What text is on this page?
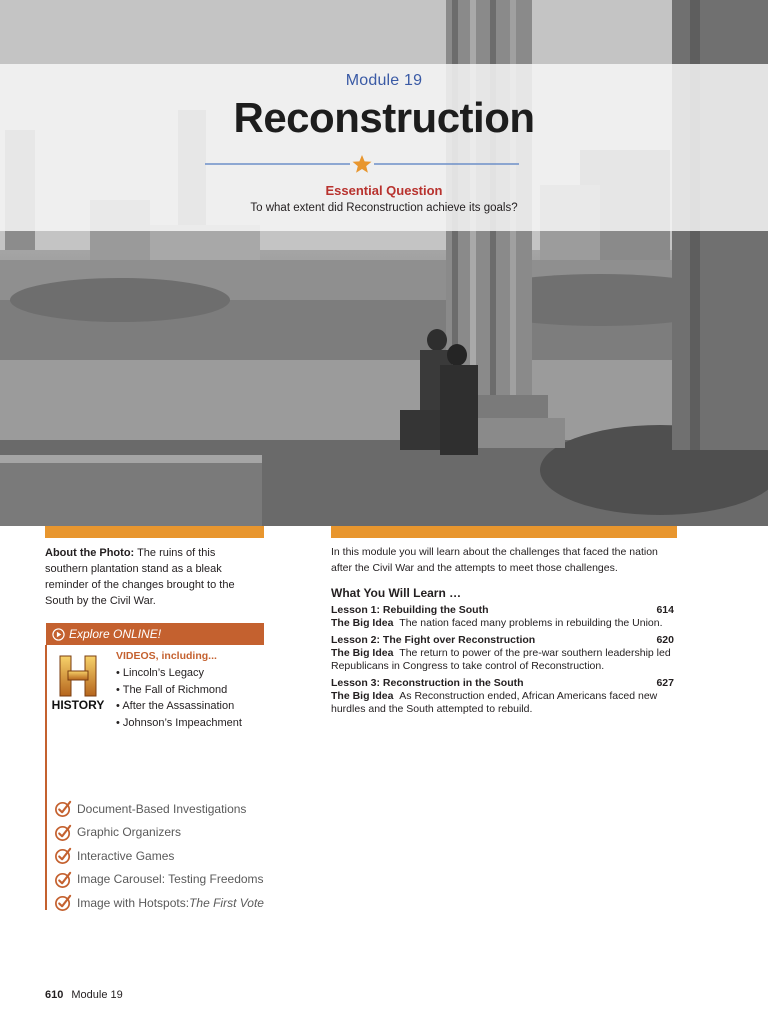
Module 19
Reconstruction
Essential Question
To what extent did Reconstruction achieve its goals?
About the Photo: The ruins of this southern plantation stand as a bleak reminder of the changes brought to the South by the Civil War.
Explore ONLINE!
HISTORY
VIDEOS, including...
• Lincoln’s Legacy
• The Fall of Richmond
• After the Assassination
• Johnson’s Impeachment
Document-Based Investigations
Graphic Organizers
Interactive Games
Image Carousel: Testing Freedoms
Image with Hotspots: The First Vote
In this module you will learn about the challenges that faced the nation after the Civil War and the attempts to meet those challenges.
What You Will Learn …
Lesson 1: Rebuilding the South	614
The Big Idea The nation faced many problems in rebuilding the Union.
Lesson 2: The Fight over Reconstruction	620
The Big Idea The return to power of the pre-war southern leadership led Republicans in Congress to take control of Reconstruction.
Lesson 3: Reconstruction in the South	627
The Big Idea As Reconstruction ended, African Americans faced new hurdles and the South attempted to rebuild.
610 Module 19
